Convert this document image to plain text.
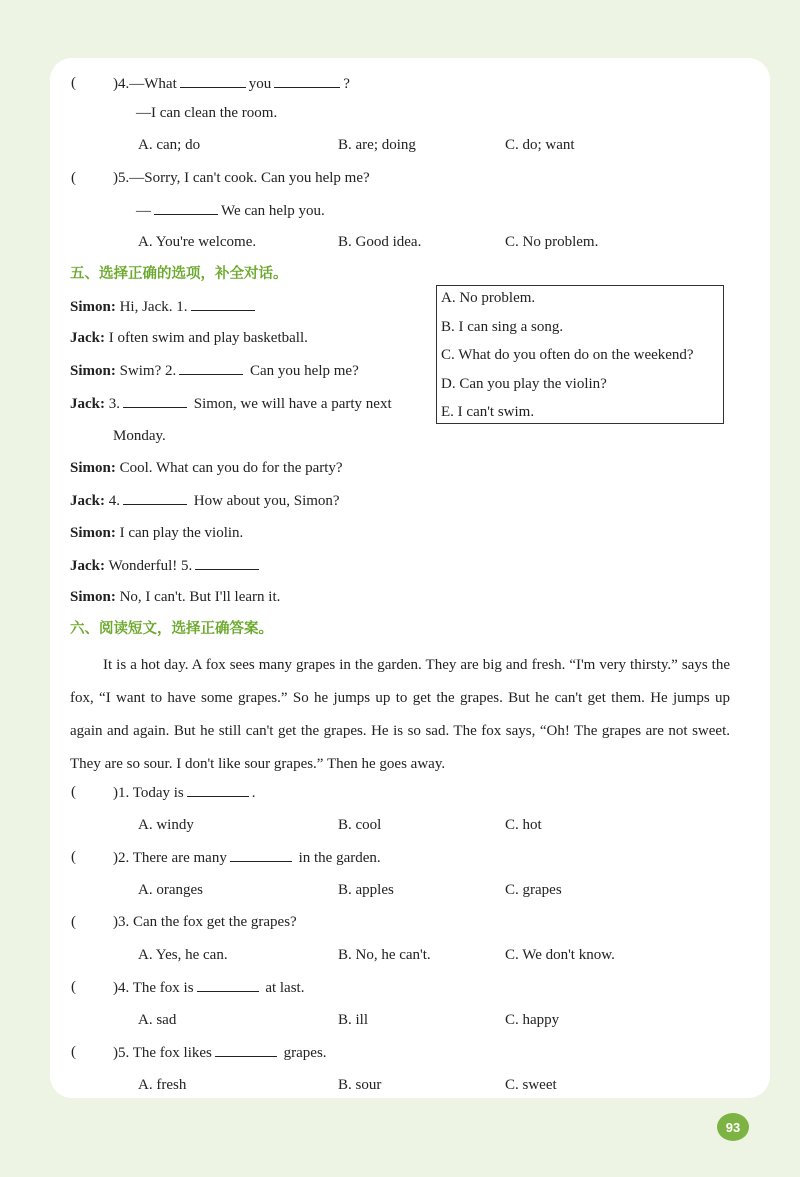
( )4.—What	you	?
—I can clean the room.
A. can; do	B. are; doing	C. do; want
( )5.—Sorry, I can't cook. Can you help me?
—	We can help you.
A. You're welcome.	B. Good idea.	C. No problem.
五、选择正确的选项，补全对话。
A. No problem.
B. I can sing a song.
C. What do you often do on the weekend?
D. Can you play the violin?
E. I can't swim.
Simon: Hi, Jack. 1.
Jack: I often swim and play basketball.
Simon: Swim? 2.	Can you help me?
Jack: 3.	Simon, we will have a party next
Monday.
Simon: Cool. What can you do for the party?
Jack: 4.	How about you, Simon?
Simon: I can play the violin.
Jack: Wonderful! 5.
Simon: No, I can't. But I'll learn it.
六、阅读短文，选择正确答案。
It is a hot day. A fox sees many grapes in the garden. They are big and fresh. “I'm very thirsty.” says the fox, “I want to have some grapes.” So he jumps up to get the grapes. But he can't get them. He jumps up again and again. But he still can't get the grapes. He is so sad. The fox says, “Oh! The grapes are not sweet. They are so sour. I don't like sour grapes.” Then he goes away.
( )1. Today is	.
A. windy	B. cool	C. hot
( )2. There are many	in the garden.
A. oranges	B. apples	C. grapes
( )3. Can the fox get the grapes?
A. Yes, he can.	B. No, he can't.	C. We don't know.
( )4. The fox is	at last.
A. sad	B. ill	C. happy
( )5. The fox likes	grapes.
A. fresh	B. sour	C. sweet
93
